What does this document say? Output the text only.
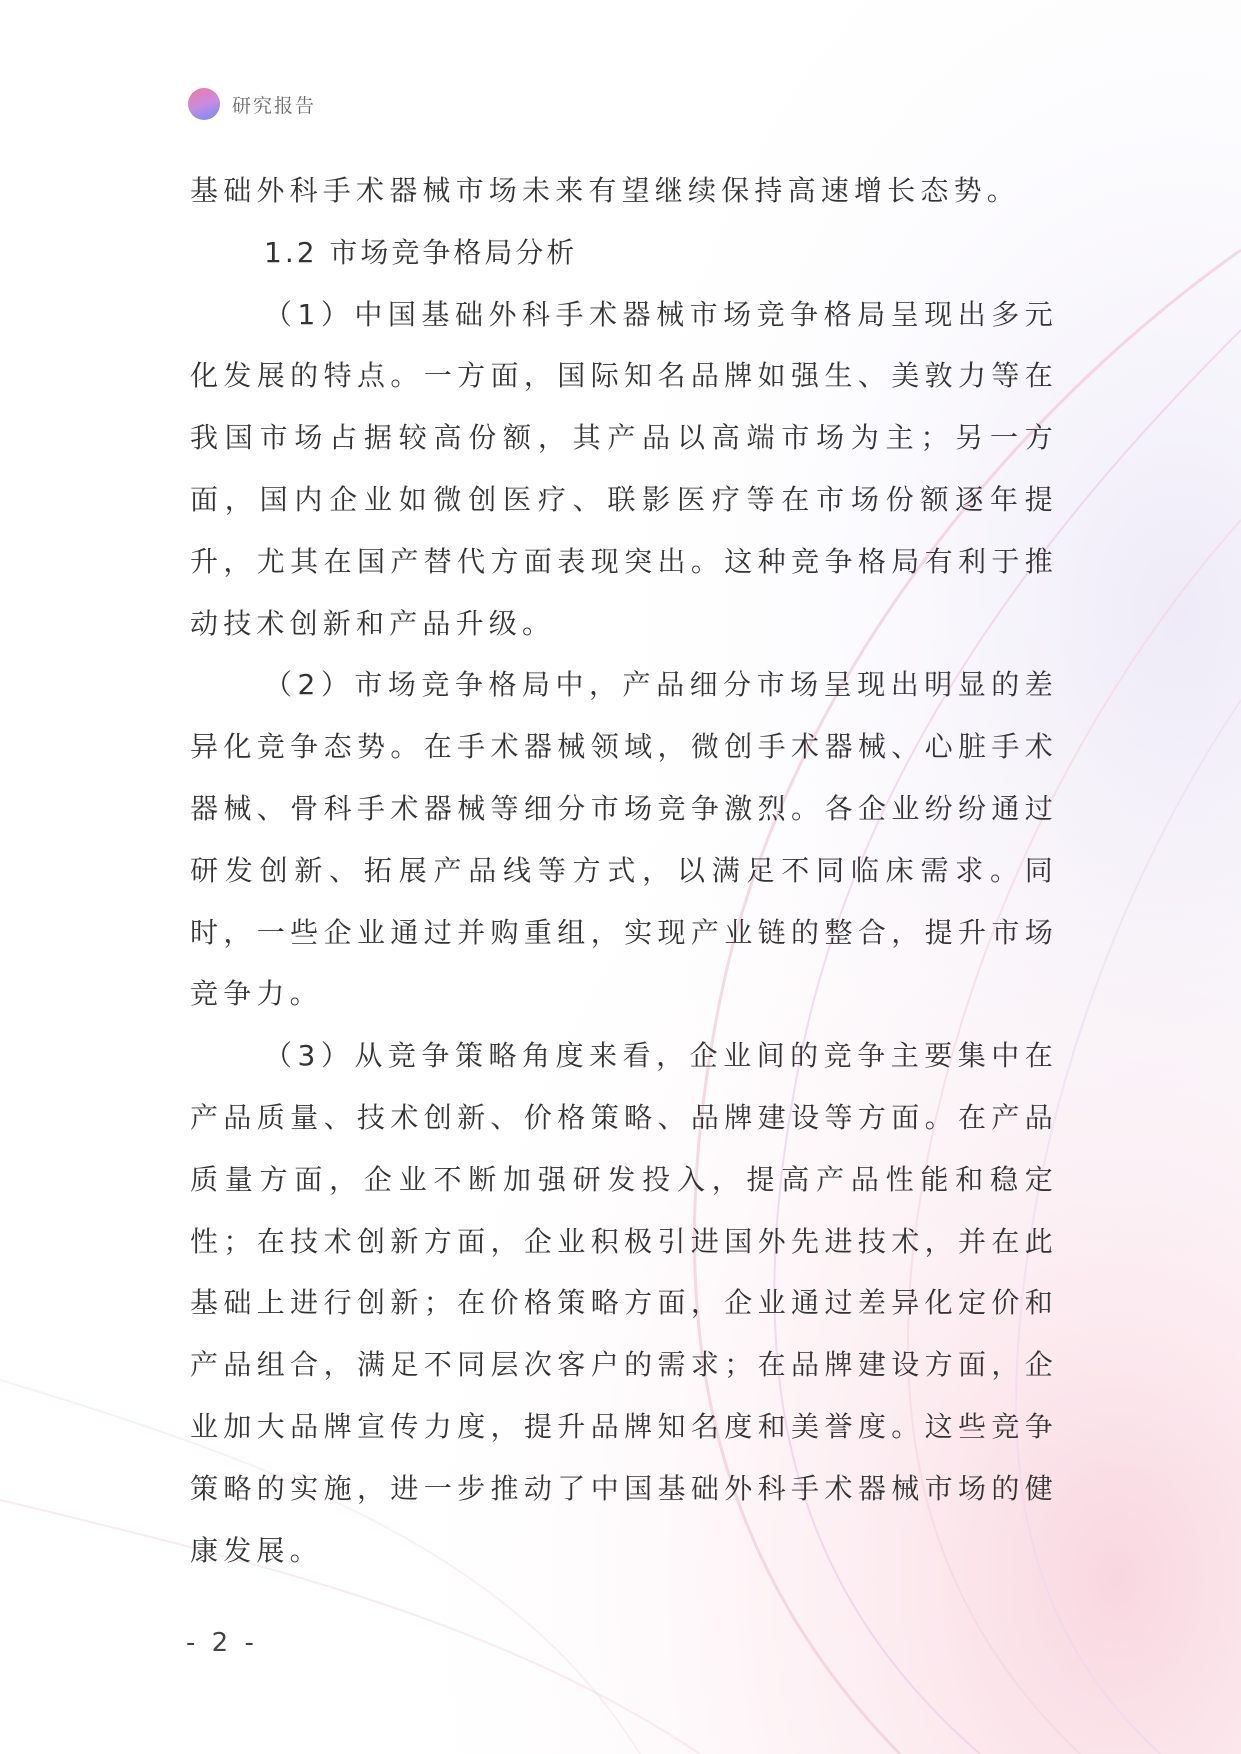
研究报告

基础外科手术器械市场未来有望继续保持高速增长态势。

1.2 市场竞争格局分析

（1）中国基础外科手术器械市场竞争格局呈现出多元化发展的特点。一方面，国际知名品牌如强生、美敦力等在我国市场占据较高份额，其产品以高端市场为主；另一方面，国内企业如微创医疗、联影医疗等在市场份额逐年提升，尤其在国产替代方面表现突出。这种竞争格局有利于推动技术创新和产品升级。

（2）市场竞争格局中，产品细分市场呈现出明显的差异化竞争态势。在手术器械领域，微创手术器械、心脏手术器械、骨科手术器械等细分市场竞争激烈。各企业纷纷通过研发创新、拓展产品线等方式，以满足不同临床需求。同时，一些企业通过并购重组，实现产业链的整合，提升市场竞争力。

（3）从竞争策略角度来看，企业间的竞争主要集中在产品质量、技术创新、价格策略、品牌建设等方面。在产品质量方面，企业不断加强研发投入，提高产品性能和稳定性；在技术创新方面，企业积极引进国外先进技术，并在此基础上进行创新；在价格策略方面，企业通过差异化定价和产品组合，满足不同层次客户的需求；在品牌建设方面，企业加大品牌宣传力度，提升品牌知名度和美誉度。这些竞争策略的实施，进一步推动了中国基础外科手术器械市场的健康发展。

- 2 -
